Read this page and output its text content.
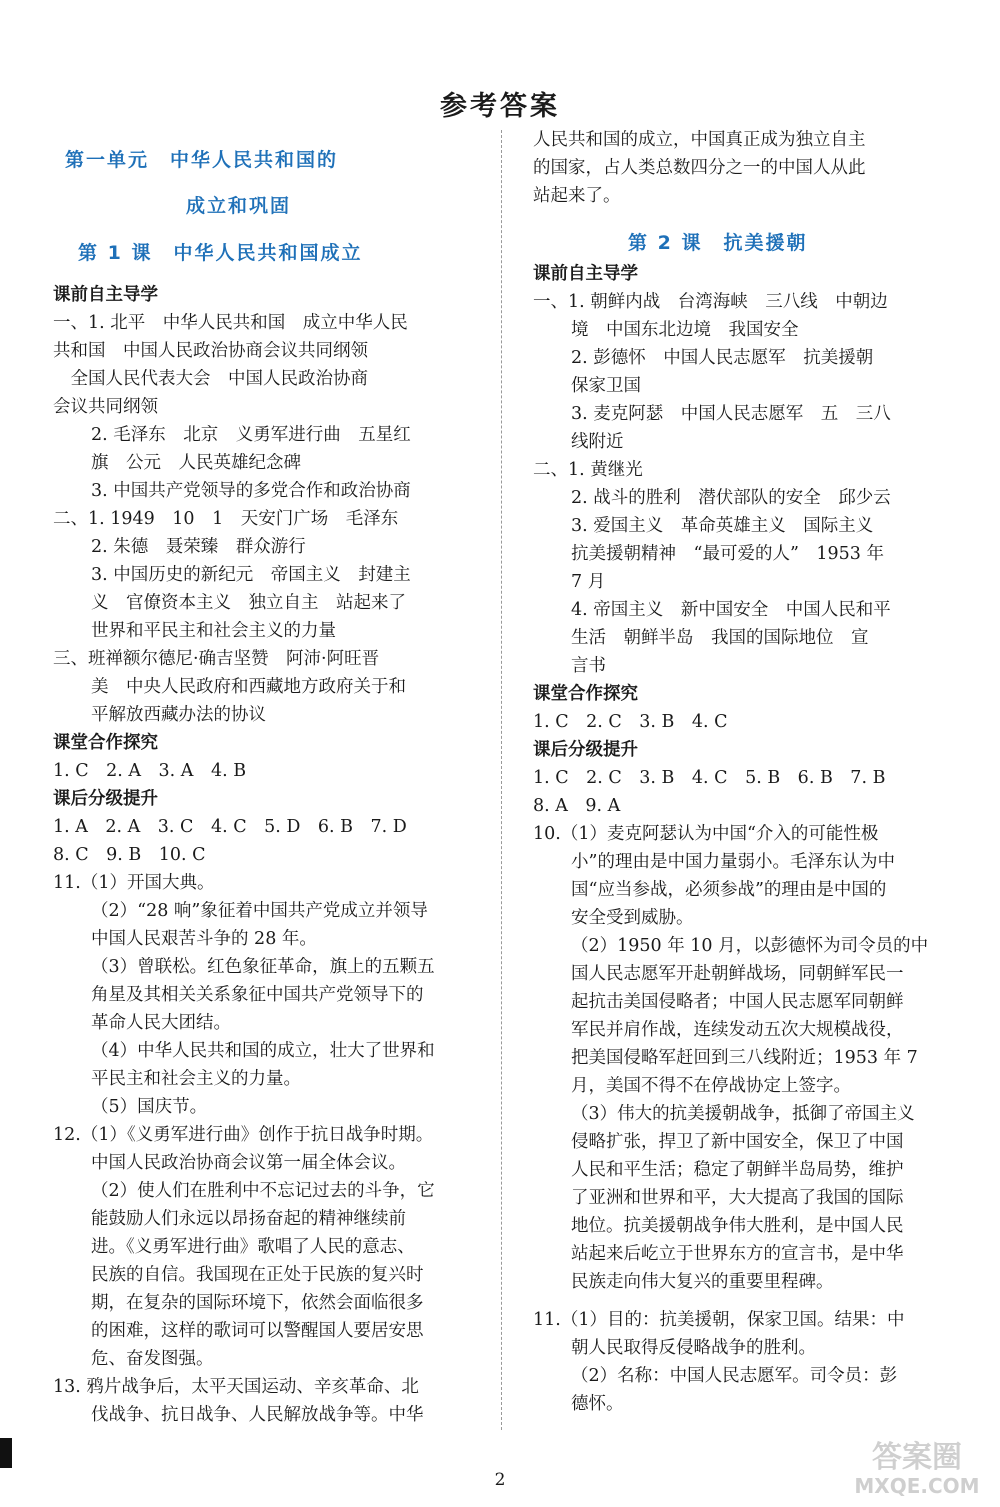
参考答案
第一单元　中华人民共和国的
成立和巩固
第 1 课　中华人民共和国成立
课前自主导学
一、1. 北平　中华人民共和国　成立中华人民
共和国　中国人民政治协商会议共同纲领
　全国人民代表大会　中国人民政治协商
会议共同纲领
2. 毛泽东　北京　义勇军进行曲　五星红
旗　公元　人民英雄纪念碑
3. 中国共产党领导的多党合作和政治协商
二、1. 1949　10　1　天安门广场　毛泽东
2. 朱德　聂荣臻　群众游行
3. 中国历史的新纪元　帝国主义　封建主
义　官僚资本主义　独立自主　站起来了
世界和平民主和社会主义的力量
三、班禅额尔德尼·确吉坚赞　阿沛·阿旺晋
美　中央人民政府和西藏地方政府关于和
平解放西藏办法的协议
课堂合作探究
1. C　2. A　3. A　4. B
课后分级提升
1. A　2. A　3. C　4. C　5. D　6. B　7. D
8. C　9. B　10. C
11.（1）开国大典。
（2）“28 响”象征着中国共产党成立并领导
中国人民艰苦斗争的 28 年。
（3）曾联松。红色象征革命，旗上的五颗五
角星及其相关关系象征中国共产党领导下的
革命人民大团结。
（4）中华人民共和国的成立，壮大了世界和
平民主和社会主义的力量。
（5）国庆节。
12.（1）《义勇军进行曲》创作于抗日战争时期。
中国人民政治协商会议第一届全体会议。
（2）使人们在胜利中不忘记过去的斗争，它
能鼓励人们永远以昂扬奋起的精神继续前
进。《义勇军进行曲》歌唱了人民的意志、
民族的自信。我国现在正处于民族的复兴时
期，在复杂的国际环境下，依然会面临很多
的困难，这样的歌词可以警醒国人要居安思
危、奋发图强。
13. 鸦片战争后，太平天国运动、辛亥革命、北
伐战争、抗日战争、人民解放战争等。中华
第 2 课　抗美援朝
人民共和国的成立，中国真正成为独立自主
的国家，占人类总数四分之一的中国人从此
站起来了。
课前自主导学
一、1. 朝鲜内战　台湾海峡　三八线　中朝边
境　中国东北边境　我国安全
2. 彭德怀　中国人民志愿军　抗美援朝
保家卫国
3. 麦克阿瑟　中国人民志愿军　五　三八
线附近
二、1. 黄继光
2. 战斗的胜利　潜伏部队的安全　邱少云
3. 爱国主义　革命英雄主义　国际主义
抗美援朝精神　“最可爱的人”　1953 年
7 月
4. 帝国主义　新中国安全　中国人民和平
生活　朝鲜半岛　我国的国际地位　宣
言书
课堂合作探究
1. C　2. C　3. B　4. C
课后分级提升
1. C　2. C　3. B　4. C　5. B　6. B　7. B
8. A　9. A
10.（1）麦克阿瑟认为中国“介入的可能性极
小”的理由是中国力量弱小。毛泽东认为中
国“应当参战，必须参战”的理由是中国的
安全受到威胁。
（2）1950 年 10 月，以彭德怀为司令员的中
国人民志愿军开赴朝鲜战场，同朝鲜军民一
起抗击美国侵略者；中国人民志愿军同朝鲜
军民并肩作战，连续发动五次大规模战役，
把美国侵略军赶回到三八线附近；1953 年 7
月，美国不得不在停战协定上签字。
（3）伟大的抗美援朝战争，抵御了帝国主义
侵略扩张，捍卫了新中国安全，保卫了中国
人民和平生活；稳定了朝鲜半岛局势，维护
了亚洲和世界和平，大大提高了我国的国际
地位。抗美援朝战争伟大胜利，是中国人民
站起来后屹立于世界东方的宣言书，是中华
民族走向伟大复兴的重要里程碑。
11.（1）目的：抗美援朝，保家卫国。结果：中
朝人民取得反侵略战争的胜利。
（2）名称：中国人民志愿军。司令员：彭
德怀。
2
答案圈
MXQE.COM
